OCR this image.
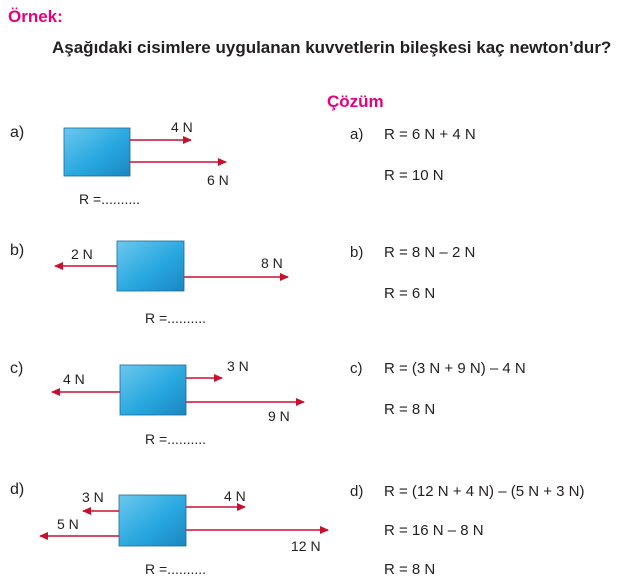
Örnek:
Aşağıdaki cisimlere uygulanan kuvvetlerin bileşkesi kaç newton’dur?
Çözüm
a)	4 N
6 N
R =..........
b)	2 N
8 N
R =..........
c)
4 N
3 N
9 N
R =..........
d)	3 N
5 N
4 N
12 N
R =..........
a) R = 6 N + 4 N
R = 10 N
b) R = 8 N – 2 N
R = 6 N
c) R = (3 N + 9 N) – 4 N
R = 8 N
d) R = (12 N + 4 N) – (5 N + 3 N)
R = 16 N – 8 N
R = 8 N
